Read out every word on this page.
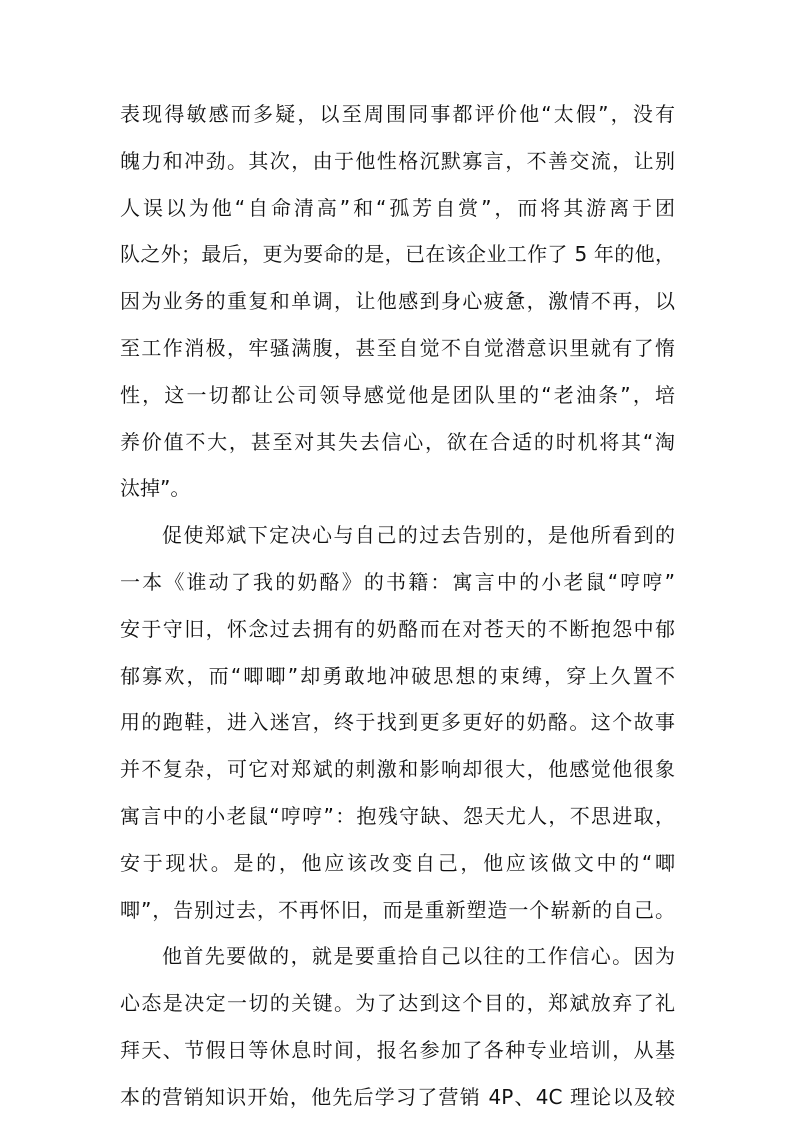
表现得敏感而多疑，以至周围同事都评价他“太假”，没有
魄力和冲劲。其次，由于他性格沉默寡言，不善交流，让别
人误以为他“自命清高”和“孤芳自赏”，而将其游离于团
队之外；最后，更为要命的是，已在该企业工作了 5 年的他，
因为业务的重复和单调，让他感到身心疲惫，激情不再，以
至工作消极，牢骚满腹，甚至自觉不自觉潜意识里就有了惰
性，这一切都让公司领导感觉他是团队里的“老油条”，培
养价值不大，甚至对其失去信心，欲在合适的时机将其“淘
汰掉”。
促使郑斌下定决心与自己的过去告别的，是他所看到的
一本《谁动了我的奶酪》的书籍：寓言中的小老鼠“哼哼”
安于守旧，怀念过去拥有的奶酪而在对苍天的不断抱怨中郁
郁寡欢，而“唧唧”却勇敢地冲破思想的束缚，穿上久置不
用的跑鞋，进入迷宫，终于找到更多更好的奶酪。这个故事
并不复杂，可它对郑斌的刺激和影响却很大，他感觉他很象
寓言中的小老鼠“哼哼”：抱残守缺、怨天尤人，不思进取，
安于现状。是的，他应该改变自己，他应该做文中的“唧
唧”，告别过去，不再怀旧，而是重新塑造一个崭新的自己。
他首先要做的，就是要重拾自己以往的工作信心。因为
心态是决定一切的关键。为了达到这个目的，郑斌放弃了礼
拜天、节假日等休息时间，报名参加了各种专业培训，从基
本的营销知识开始，他先后学习了营销 4P、4C 理论以及较
